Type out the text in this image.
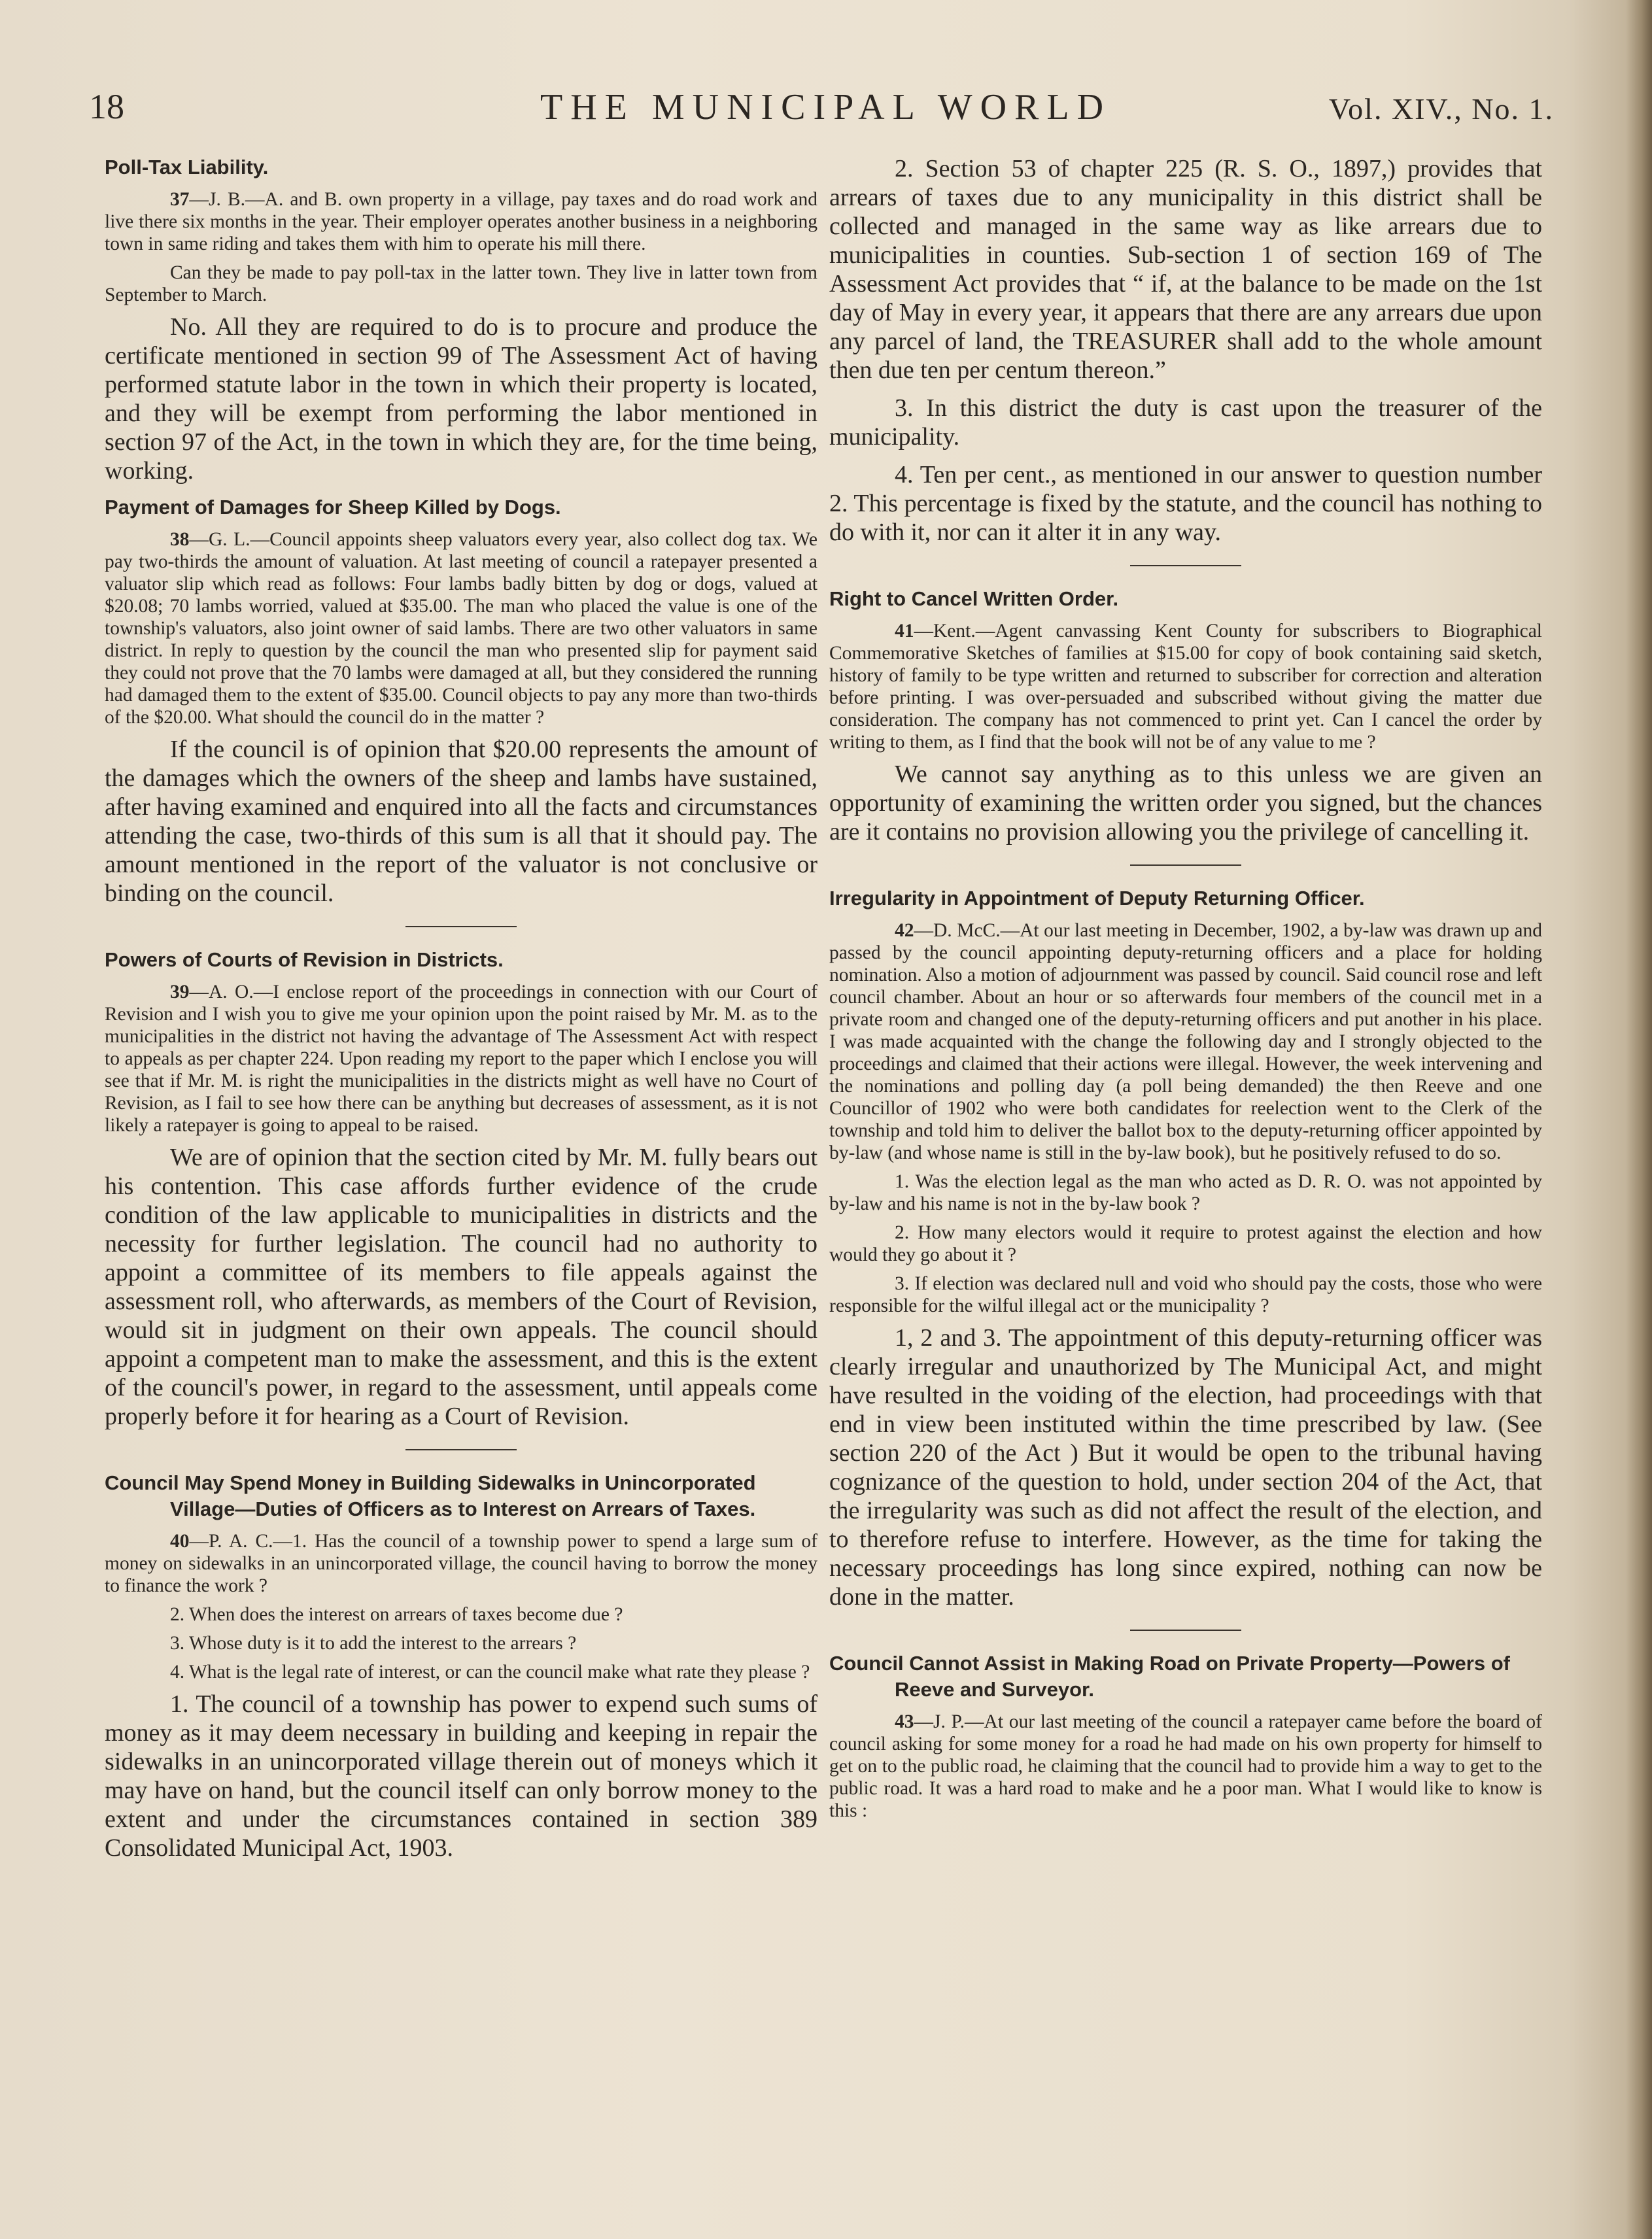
18	THE MUNICIPAL WORLD	Vol. XIV., No. 1.
Poll-Tax Liability.

37—J. B.—A. and B. own property in a village, pay taxes and do road work and live there six months in the year. Their employer operates another business in a neighboring town in same riding and takes them with him to operate his mill there.

Can they be made to pay poll-tax in the latter town. They live in latter town from September to March.

No. All they are required to do is to procure and produce the certificate mentioned in section 99 of The Assessment Act of having performed statute labor in the town in which their property is located, and they will be exempt from performing the labor mentioned in section 97 of the Act, in the town in which they are, for the time being, working.

Payment of Damages for Sheep Killed by Dogs.

38—G. L.—Council appoints sheep valuators every year, also collect dog tax. We pay two-thirds the amount of valuation. At last meeting of council a ratepayer presented a valuator slip which read as follows: Four lambs badly bitten by dog or dogs, valued at $20.08; 70 lambs worried, valued at $35.00. The man who placed the value is one of the township's valuators, also joint owner of said lambs. There are two other valuators in same district. In reply to question by the council the man who presented slip for payment said they could not prove that the 70 lambs were damaged at all, but they considered the running had damaged them to the extent of $35.00. Council objects to pay any more than two-thirds of the $20.00. What should the council do in the matter ?

If the council is of opinion that $20.00 represents the amount of the damages which the owners of the sheep and lambs have sustained, after having examined and enquired into all the facts and circumstances attending the case, two-thirds of this sum is all that it should pay. The amount mentioned in the report of the valuator is not conclusive or binding on the council.

Powers of Courts of Revision in Districts.

39—A. O.—I enclose report of the proceedings in connection with our Court of Revision and I wish you to give me your opinion upon the point raised by Mr. M. as to the municipalities in the district not having the advantage of The Assessment Act with respect to appeals as per chapter 224. Upon reading my report to the paper which I enclose you will see that if Mr. M. is right the municipalities in the districts might as well have no Court of Revision, as I fail to see how there can be anything but decreases of assessment, as it is not likely a ratepayer is going to appeal to be raised.

We are of opinion that the section cited by Mr. M. fully bears out his contention. This case affords further evidence of the crude condition of the law applicable to municipalities in districts and the necessity for further legislation. The council had no authority to appoint a committee of its members to file appeals against the assessment roll, who afterwards, as members of the Court of Revision, would sit in judgment on their own appeals. The council should appoint a competent man to make the assessment, and this is the extent of the council's power, in regard to the assessment, until appeals come properly before it for hearing as a Court of Revision.

Council May Spend Money in Building Sidewalks in Unincorporated Village—Duties of Officers as to Interest on Arrears of Taxes.

40—P. A. C.—1. Has the council of a township power to spend a large sum of money on sidewalks in an unincorporated village, the council having to borrow the money to finance the work ?

2. When does the interest on arrears of taxes become due ?

3. Whose duty is it to add the interest to the arrears ?

4. What is the legal rate of interest, or can the council make what rate they please ?

1. The council of a township has power to expend such sums of money as it may deem necessary in building and keeping in repair the sidewalks in an unincorporated village therein out of moneys which it may have on hand, but the council itself can only borrow money to the extent and under the circumstances contained in section 389 Consolidated Municipal Act, 1903.

2. Section 53 of chapter 225 (R. S. O., 1897,) provides that arrears of taxes due to any municipality in this district shall be collected and managed in the same way as like arrears due to municipalities in counties. Sub-section 1 of section 169 of The Assessment Act provides that “ if, at the balance to be made on the 1st day of May in every year, it appears that there are any arrears due upon any parcel of land, the TREASURER shall add to the whole amount then due ten per centum thereon.”

3. In this district the duty is cast upon the treasurer of the municipality.

4. Ten per cent., as mentioned in our answer to question number 2. This percentage is fixed by the statute, and the council has nothing to do with it, nor can it alter it in any way.

Right to Cancel Written Order.

41—Kent.—Agent canvassing Kent County for subscribers to Biographical Commemorative Sketches of families at $15.00 for copy of book containing said sketch, history of family to be type written and returned to subscriber for correction and alteration before printing. I was over-persuaded and subscribed without giving the matter due consideration. The company has not commenced to print yet. Can I cancel the order by writing to them, as I find that the book will not be of any value to me ?

We cannot say anything as to this unless we are given an opportunity of examining the written order you signed, but the chances are it contains no provision allowing you the privilege of cancelling it.

Irregularity in Appointment of Deputy Returning Officer.

42—D. McC.—At our last meeting in December, 1902, a by-law was drawn up and passed by the council appointing deputy-returning officers and a place for holding nomination. Also a motion of adjournment was passed by council. Said council rose and left council chamber. About an hour or so afterwards four members of the council met in a private room and changed one of the deputy-returning officers and put another in his place. I was made acquainted with the change the following day and I strongly objected to the proceedings and claimed that their actions were illegal. However, the week intervening and the nominations and polling day (a poll being demanded) the then Reeve and one Councillor of 1902 who were both candidates for reelection went to the Clerk of the township and told him to deliver the ballot box to the deputy-returning officer appointed by by-law (and whose name is still in the by-law book), but he positively refused to do so.

1. Was the election legal as the man who acted as D. R. O. was not appointed by by-law and his name is not in the by-law book ?

2. How many electors would it require to protest against the election and how would they go about it ?

3. If election was declared null and void who should pay the costs, those who were responsible for the wilful illegal act or the municipality ?

1, 2 and 3. The appointment of this deputy-returning officer was clearly irregular and unauthorized by The Municipal Act, and might have resulted in the voiding of the election, had proceedings with that end in view been instituted within the time prescribed by law. (See section 220 of the Act ) But it would be open to the tribunal having cognizance of the question to hold, under section 204 of the Act, that the irregularity was such as did not affect the result of the election, and to therefore refuse to interfere. However, as the time for taking the necessary proceedings has long since expired, nothing can now be done in the matter.

Council Cannot Assist in Making Road on Private Property—Powers of Reeve and Surveyor.

43—J. P.—At our last meeting of the council a ratepayer came before the board of council asking for some money for a road he had made on his own property for himself to get on to the public road, he claiming that the council had to provide him a way to get to the public road. It was a hard road to make and he a poor man. What I would like to know is this :
